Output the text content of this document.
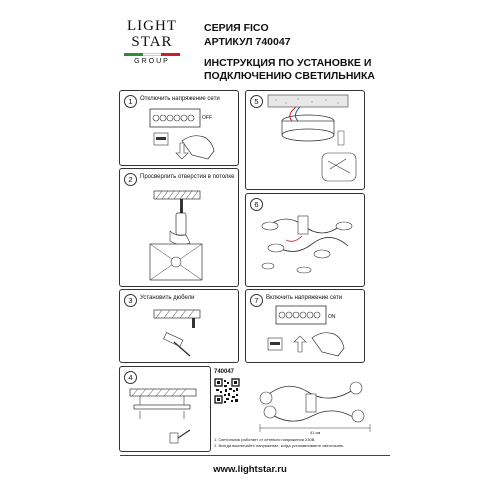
LIGHT
STAR
GROUP
СЕРИЯ FICO
АРТИКУЛ 740047
ИНСТРУКЦИЯ ПО УСТАНОВКЕ И
ПОДКЛЮЧЕНИЮ СВЕТИЛЬНИКА
1	Отключить напряжение сети
OFF
2	Просверлить отверстия в потолке
3	Установить дюбели
4
740047
5
6
7	Включить напряжение сети
ON
41 см
1. Светильник работает от сетевого напряжения 230В.
2. Всегда выключайте напряжение, когда устанавливаете светильник.
www.lightstar.ru
